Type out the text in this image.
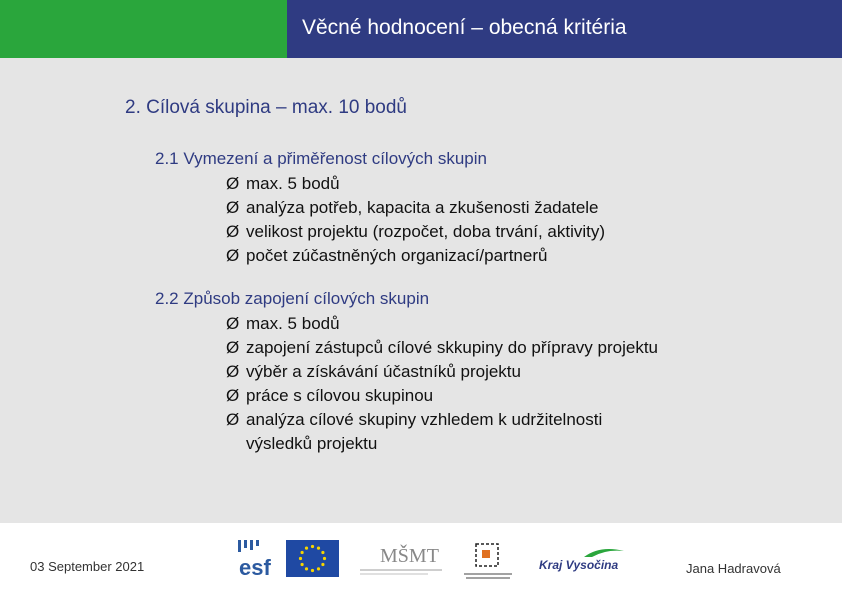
Věcné hodnocení – obecná kritéria
2. Cílová skupina – max. 10 bodů
2.1 Vymezení a přiměřenost cílových skupin
Ø max. 5 bodů
Ø analýza potřeb, kapacita a zkušenosti žadatele
Ø velikost projektu (rozpočet, doba trvání, aktivity)
Ø počet zúčastněných organizací/partnerů
2.2 Způsob zapojení cílových skupin
Ø max. 5 bodů
Ø zapojení zástupců cílové skkupiny do přípravy projektu
Ø výběr a získávání účastníků projektu
Ø práce s cílovou skupinou
Ø analýza cílové skupiny vzhledem k udržitelnosti
výsledků projektu
03 September 2021	Jana Hadravová
esf	MŠMT	Kraj Vysočina
